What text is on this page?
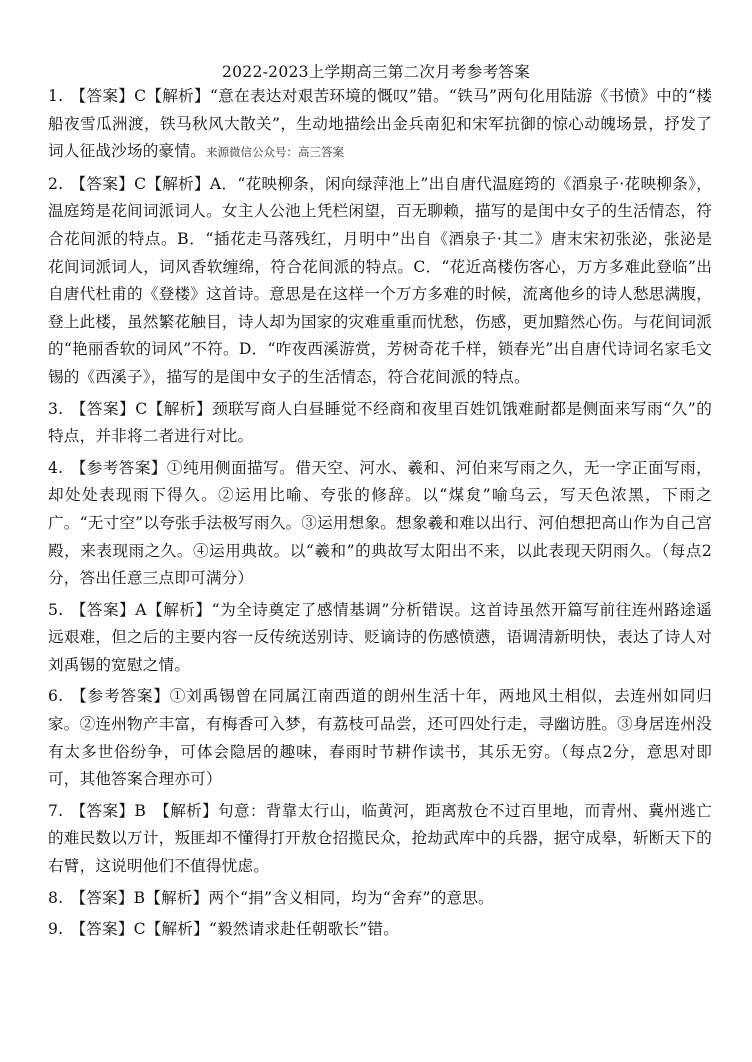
2022-2023上学期高三第二次月考参考答案

1. 【答案】C【解析】“意在表达对艰苦环境的慨叹”错。“铁马”两句化用陆游《书愤》中的“楼船夜雪瓜洲渡，铁马秋风大散关”，生动地描绘出金兵南犯和宋军抗御的惊心动魄场景，抒发了词人征战沙场的豪情。来源微信公众号：高三答案

2. 【答案】C【解析】A．“花映柳条，闲向绿萍池上”出自唐代温庭筠的《酒泉子·花映柳条》，温庭筠是花间词派词人。女主人公池上凭栏闲望，百无聊赖，描写的是闺中女子的生活情态，符合花间派的特点。B．“插花走马落残红，月明中”出自《酒泉子·其二》唐末宋初张泌，张泌是花间词派词人，词风香软缠绵，符合花间派的特点。C．“花近高楼伤客心，万方多难此登临”出自唐代杜甫的《登楼》这首诗。意思是在这样一个万方多难的时候，流离他乡的诗人愁思满腹，登上此楼，虽然繁花触目，诗人却为国家的灾难重重而忧愁，伤感，更加黯然心伤。与花间词派的“艳丽香软的词风”不符。D．“咋夜西溪游赏，芳树奇花千样，锁春光”出自唐代诗词名家毛文锡的《西溪子》，描写的是闺中女子的生活情态，符合花间派的特点。

3. 【答案】C【解析】颈联写商人白昼睡觉不经商和夜里百姓饥饿难耐都是侧面来写雨“久”的特点，并非将二者进行对比。

4. 【参考答案】①纯用侧面描写。借天空、河水、羲和、河伯来写雨之久，无一字正面写雨，却处处表现雨下得久。②运用比喻、夸张的修辞。以“煤炱”喻乌云，写天色浓黑，下雨之广。“无寸空”以夸张手法极写雨久。③运用想象。想象羲和难以出行、河伯想把高山作为自己宫殿，来表现雨之久。④运用典故。以“羲和”的典故写太阳出不来，以此表现天阴雨久。（每点2分，答出任意三点即可满分）

5. 【答案】A【解析】“为全诗奠定了感情基调”分析错误。这首诗虽然开篇写前往连州路途遥远艰难，但之后的主要内容一反传统送别诗、贬谪诗的伤感愤懑，语调清新明快，表达了诗人对刘禹锡的宽慰之情。

6. 【参考答案】①刘禹锡曾在同属江南西道的朗州生活十年，两地风土相似，去连州如同归家。②连州物产丰富，有梅香可入梦，有荔枝可品尝，还可四处行走，寻幽访胜。③身居连州没有太多世俗纷争，可体会隐居的趣味，春雨时节耕作读书，其乐无穷。（每点2分，意思对即可，其他答案合理亦可）

7. 【答案】B　【解析】句意：背靠太行山，临黄河，距离敖仓不过百里地，而青州、冀州逃亡的难民数以万计，叛匪却不懂得打开敖仓招揽民众，抢劫武库中的兵器，据守成皋，斩断天下的右臂，这说明他们不值得忧虑。

8. 【答案】B【解析】两个“捐”含义相同，均为“舍弃”的意思。

9. 【答案】C【解析】“毅然请求赴任朝歌长”错。
